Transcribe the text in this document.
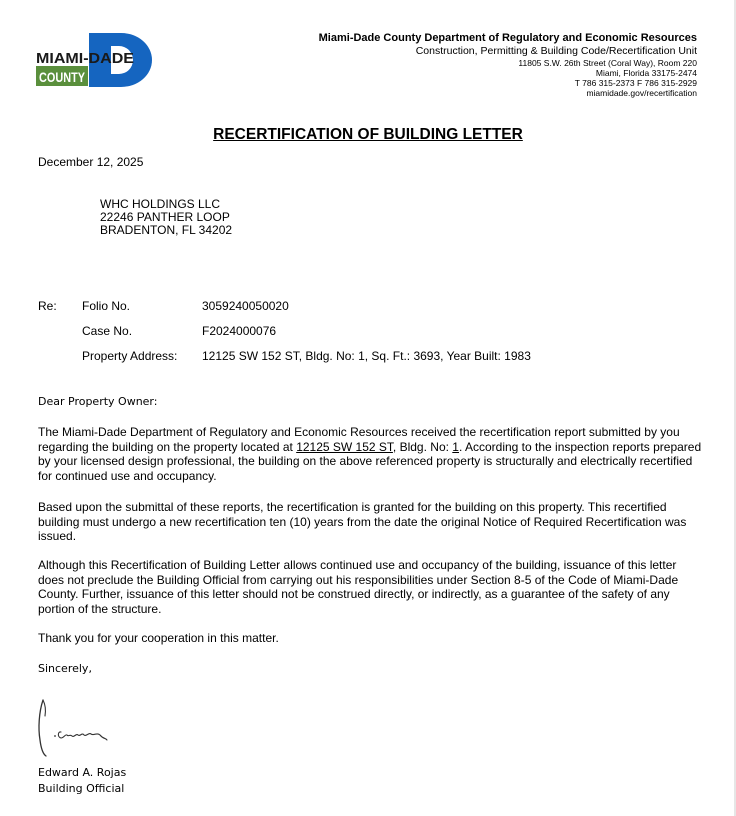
MIAMI-DADE
COUNTY
Miami-Dade County Department of Regulatory and Economic Resources
Construction, Permitting & Building Code/Recertification Unit
11805 S.W. 26th Street (Coral Way), Room 220
Miami, Florida 33175-2474
T 786 315-2373 F 786 315-2929
miamidade.gov/recertification
RECERTIFICATION OF BUILDING LETTER
December 12, 2025
WHC HOLDINGS LLC
22246 PANTHER LOOP
BRADENTON, FL 34202
Re: Folio No.	3059240050020
Case No.	F2024000076
Property Address: 12125 SW 152 ST, Bldg. No: 1, Sq. Ft.: 3693, Year Built: 1983
Dear Property Owner:
The Miami-Dade Department of Regulatory and Economic Resources received the recertification report submitted by you regarding the building on the property located at 12125 SW 152 ST, Bldg. No: 1. According to the inspection reports prepared by your licensed design professional, the building on the above referenced property is structurally and electrically recertified for continued use and occupancy.
Based upon the submittal of these reports, the recertification is granted for the building on this property. This recertified building must undergo a new recertification ten (10) years from the date the original Notice of Required Recertification was issued.
Although this Recertification of Building Letter allows continued use and occupancy of the building, issuance of this letter does not preclude the Building Official from carrying out his responsibilities under Section 8-5 of the Code of Miami-Dade County. Further, issuance of this letter should not be construed directly, or indirectly, as a guarantee of the safety of any portion of the structure.
Thank you for your cooperation in this matter.
Sincerely,
Edward A. Rojas
Building Official
